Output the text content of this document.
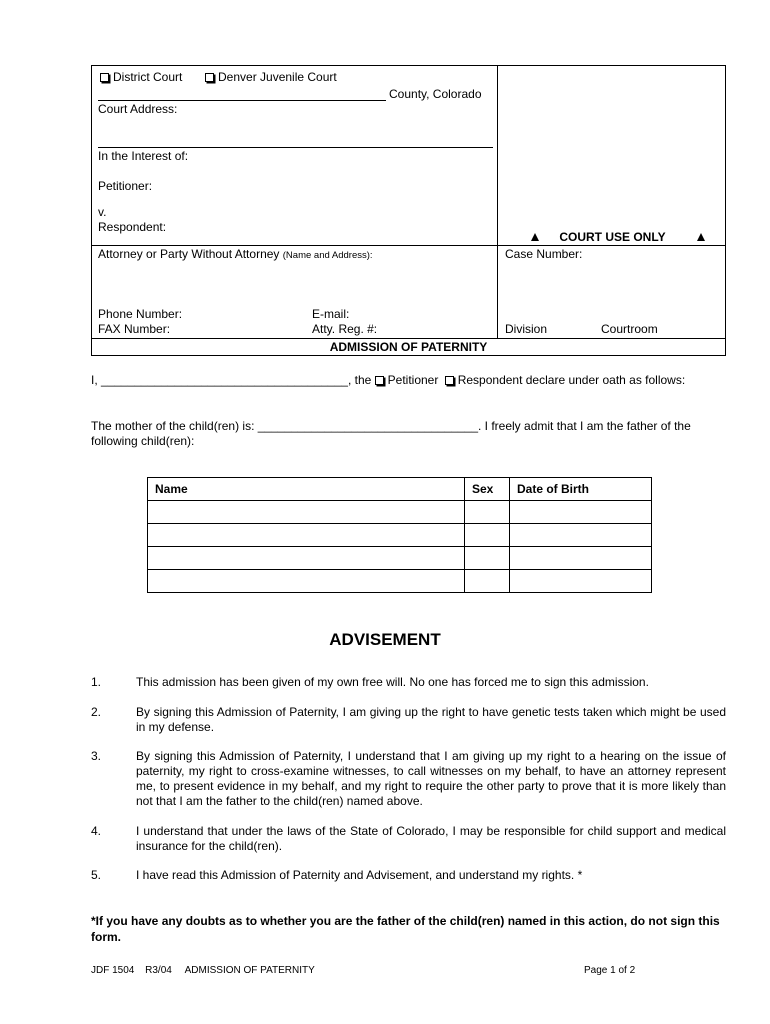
District Court	Denver Juvenile Court
County, Colorado
Court Address:
In the Interest of:
Petitioner:
v.
Respondent:
COURT USE ONLY
Attorney or Party Without Attorney (Name and Address):	Case Number:
Phone Number:	E-mail:
FAX Number:	Atty. Reg. #:	Division	Courtroom
ADMISSION OF PATERNITY
I, _____________________________________, the Petitioner Respondent declare under oath as follows:
The mother of the child(ren) is: _________________________________. I freely admit that I am the father of the
following child(ren):
Name	Sex	Date of Birth

ADVISEMENT
1.	This admission has been given of my own free will. No one has forced me to sign this admission.
2.	By signing this Admission of Paternity, I am giving up the right to have genetic tests taken which might be used in my defense.
3.	By signing this Admission of Paternity, I understand that I am giving up my right to a hearing on the issue of paternity, my right to cross-examine witnesses, to call witnesses on my behalf, to have an attorney represent me, to present evidence in my behalf, and my right to require the other party to prove that it is more likely than not that I am the father to the child(ren) named above.
4.	I understand that under the laws of the State of Colorado, I may be responsible for child support and medical insurance for the child(ren).
5.	I have read this Admission of Paternity and Advisement, and understand my rights. *
*If you have any doubts as to whether you are the father of the child(ren) named in this action, do not sign this form.
JDF 1504 R3/04 ADMISSION OF PATERNITY	Page 1 of 2
